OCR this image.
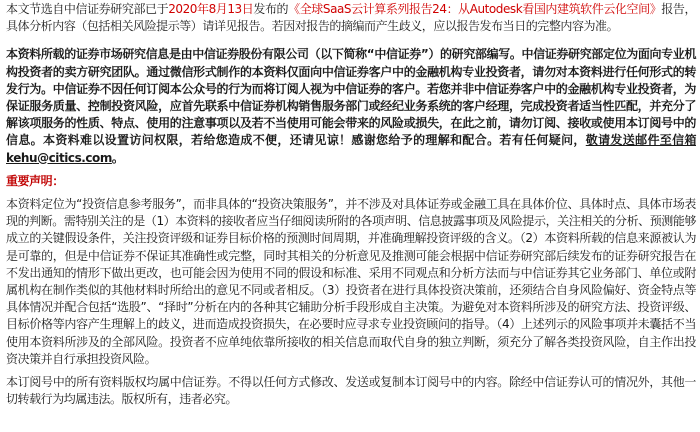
本文节选自中信证券研究部已于2020年8月13日发布的《全球SaaS云计算系列报告24：从Autodesk看国内建筑软件云化空间》报告，具体分析内容（包括相关风险提示等）请详见报告。若因对报告的摘编而产生歧义，应以报告发布当日的完整内容为准。

本资料所载的证券市场研究信息是由中信证券股份有限公司（以下简称“中信证券”）的研究部编写。中信证券研究部定位为面向专业机构投资者的卖方研究团队。通过微信形式制作的本资料仅面向中信证券客户中的金融机构专业投资者，请勿对本资料进行任何形式的转发行为。中信证券不因任何订阅本公众号的行为而将订阅人视为中信证券的客户。若您并非中信证券客户中的金融机构专业投资者，为保证服务质量、控制投资风险，应首先联系中信证券机构销售服务部门或经纪业务系统的客户经理，完成投资者适当性匹配，并充分了解该项服务的性质、特点、使用的注意事项以及若不当使用可能会带来的风险或损失，在此之前，请勿订阅、接收或使用本订阅号中的信息。本资料难以设置访问权限，若给您造成不便，还请见谅！感谢您给予的理解和配合。若有任何疑问，敬请发送邮件至信箱kehu@citics.com。

重要声明：

本资料定位为“投资信息参考服务”，而非具体的“投资决策服务”，并不涉及对具体证券或金融工具在具体价位、具体时点、具体市场表现的判断。需特别关注的是（1）本资料的接收者应当仔细阅读所附的各项声明、信息披露事项及风险提示，关注相关的分析、预测能够成立的关键假设条件，关注投资评级和证券目标价格的预测时间周期，并准确理解投资评级的含义。（2）本资料所载的信息来源被认为是可靠的，但是中信证券不保证其准确性或完整，同时其相关的分析意见及推测可能会根据中信证券研究部后续发布的证券研究报告在不发出通知的情形下做出更改，也可能会因为使用不同的假设和标准、采用不同观点和分析方法而与中信证券其它业务部门、单位或附属机构在制作类似的其他材料时所给出的意见不同或者相反。（3）投资者在进行具体投资决策前，还须结合自身风险偏好、资金特点等具体情况并配合包括“选股”、“择时”分析在内的各种其它辅助分析手段形成自主决策。为避免对本资料所涉及的研究方法、投资评级、目标价格等内容产生理解上的歧义，进而造成投资损失，在必要时应寻求专业投资顾问的指导。（4）上述列示的风险事项并未囊括不当使用本资料所涉及的全部风险。投资者不应单纯依靠所接收的相关信息而取代自身的独立判断，须充分了解各类投资风险，自主作出投资决策并自行承担投资风险。

本订阅号中的所有资料版权均属中信证券。不得以任何方式修改、发送或复制本订阅号中的内容。除经中信证券认可的情况外，其他一切转载行为均属违法。版权所有，违者必究。
